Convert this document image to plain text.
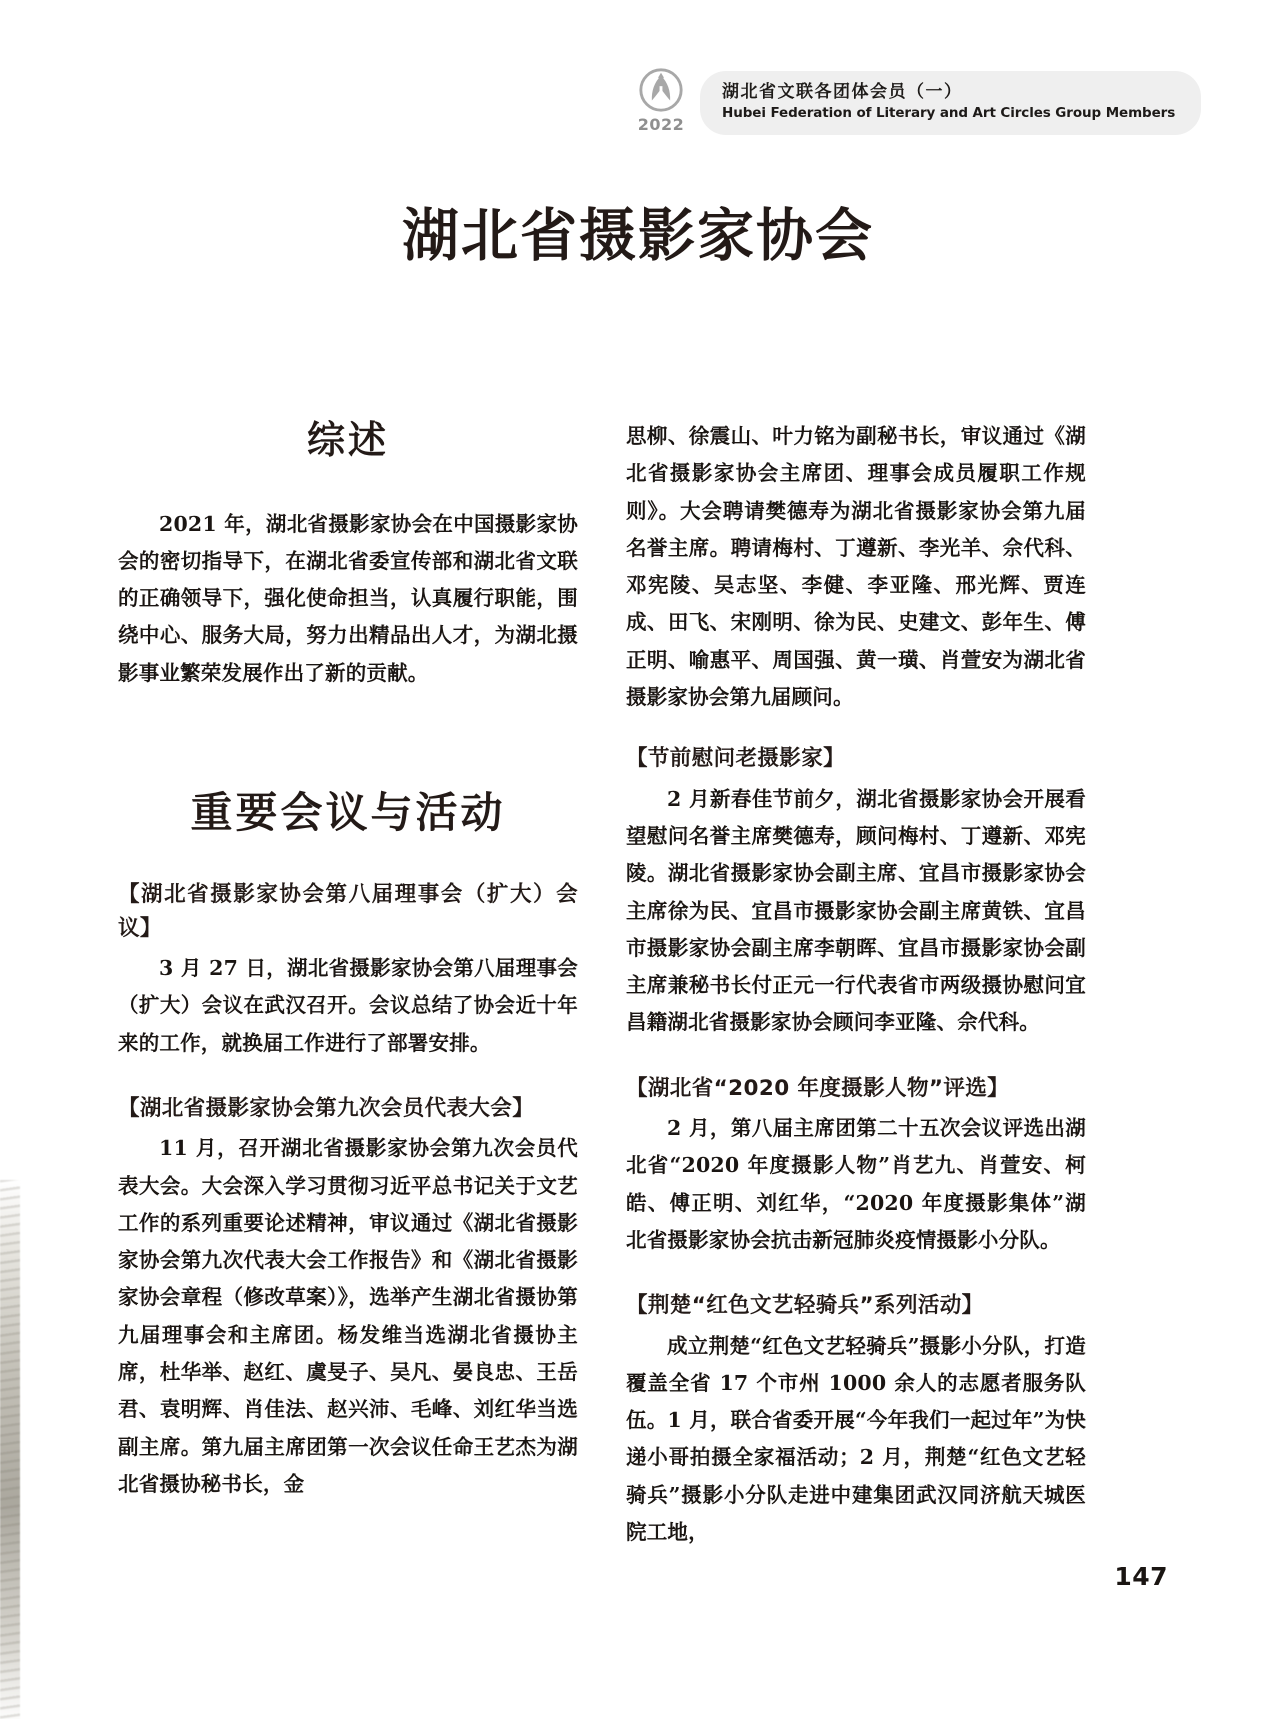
2022
湖北省文联各团体会员（一）
Hubei Federation of Literary and Art Circles Group Members
湖北省摄影家协会
综述

2021 年，湖北省摄影家协会在中国摄影家协会的密切指导下，在湖北省委宣传部和湖北省文联的正确领导下，强化使命担当，认真履行职能，围绕中心、服务大局，努力出精品出人才，为湖北摄影事业繁荣发展作出了新的贡献。

重要会议与活动
【湖北省摄影家协会第八届理事会（扩大）会议】

3 月 27 日，湖北省摄影家协会第八届理事会（扩大）会议在武汉召开。会议总结了协会近十年来的工作，就换届工作进行了部署安排。

【湖北省摄影家协会第九次会员代表大会】

11 月，召开湖北省摄影家协会第九次会员代表大会。大会深入学习贯彻习近平总书记关于文艺工作的系列重要论述精神，审议通过《湖北省摄影家协会第九次代表大会工作报告》和《湖北省摄影家协会章程（修改草案）》，选举产生湖北省摄协第九届理事会和主席团。杨发维当选湖北省摄协主席，杜华举、赵红、虞旻子、吴凡、晏良忠、王岳君、袁明辉、肖佳法、赵兴沛、毛峰、刘红华当选副主席。第九届主席团第一次会议任命王艺杰为湖北省摄协秘书长，金

思柳、徐震山、叶力铭为副秘书长，审议通过《湖北省摄影家协会主席团、理事会成员履职工作规则》。大会聘请樊德寿为湖北省摄影家协会第九届名誉主席。聘请梅村、丁遵新、李光羊、佘代科、邓宪陵、吴志坚、李健、李亚隆、邢光辉、贾连成、田飞、宋刚明、徐为民、史建文、彭年生、傅正明、喻惠平、周国强、黄一璜、肖萱安为湖北省摄影家协会第九届顾问。

【节前慰问老摄影家】

2 月新春佳节前夕，湖北省摄影家协会开展看望慰问名誉主席樊德寿，顾问梅村、丁遵新、邓宪陵。湖北省摄影家协会副主席、宜昌市摄影家协会主席徐为民、宜昌市摄影家协会副主席黄铁、宜昌市摄影家协会副主席李朝晖、宜昌市摄影家协会副主席兼秘书长付正元一行代表省市两级摄协慰问宜昌籍湖北省摄影家协会顾问李亚隆、佘代科。

【湖北省“2020 年度摄影人物”评选】

2 月，第八届主席团第二十五次会议评选出湖北省“2020 年度摄影人物”肖艺九、肖萱安、柯皓、傅正明、刘红华，“2020 年度摄影集体”湖北省摄影家协会抗击新冠肺炎疫情摄影小分队。

【荆楚“红色文艺轻骑兵”系列活动】

成立荆楚“红色文艺轻骑兵”摄影小分队，打造覆盖全省 17 个市州 1000 余人的志愿者服务队伍。1 月，联合省委开展“今年我们一起过年”为快递小哥拍摄全家福活动；2 月，荆楚“红色文艺轻骑兵”摄影小分队走进中建集团武汉同济航天城医院工地，

147
